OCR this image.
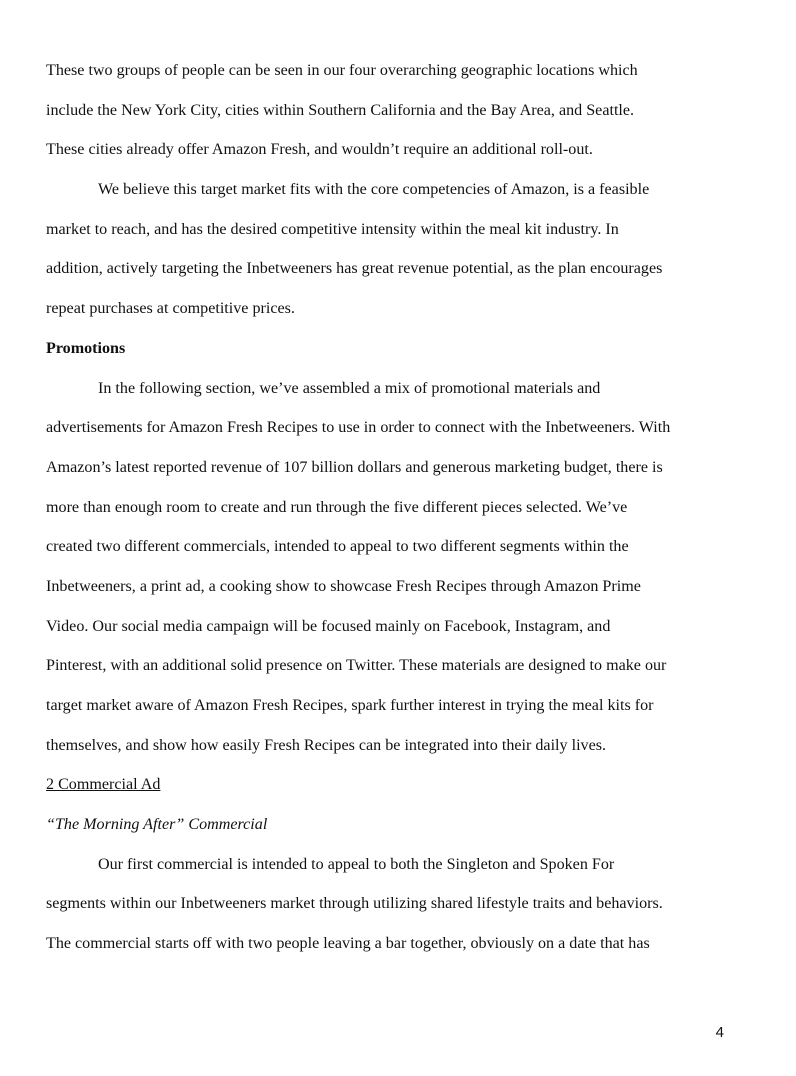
These two groups of people can be seen in our four overarching geographic locations which
include the New York City, cities within Southern California and the Bay Area, and Seattle.
These cities already offer Amazon Fresh, and wouldn’t require an additional roll-out.
We believe this target market fits with the core competencies of Amazon, is a feasible
market to reach, and has the desired competitive intensity within the meal kit industry. In
addition, actively targeting the Inbetweeners has great revenue potential, as the plan encourages
repeat purchases at competitive prices.
Promotions
In the following section, we’ve assembled a mix of promotional materials and
advertisements for Amazon Fresh Recipes to use in order to connect with the Inbetweeners. With
Amazon’s latest reported revenue of 107 billion dollars and generous marketing budget, there is
more than enough room to create and run through the five different pieces selected. We’ve
created two different commercials, intended to appeal to two different segments within the
Inbetweeners, a print ad, a cooking show to showcase Fresh Recipes through Amazon Prime
Video. Our social media campaign will be focused mainly on Facebook, Instagram, and
Pinterest, with an additional solid presence on Twitter. These materials are designed to make our
target market aware of Amazon Fresh Recipes, spark further interest in trying the meal kits for
themselves, and show how easily Fresh Recipes can be integrated into their daily lives.
2 Commercial Ad
“The Morning After” Commercial
Our first commercial is intended to appeal to both the Singleton and Spoken For
segments within our Inbetweeners market through utilizing shared lifestyle traits and behaviors.
The commercial starts off with two people leaving a bar together, obviously on a date that has
4
